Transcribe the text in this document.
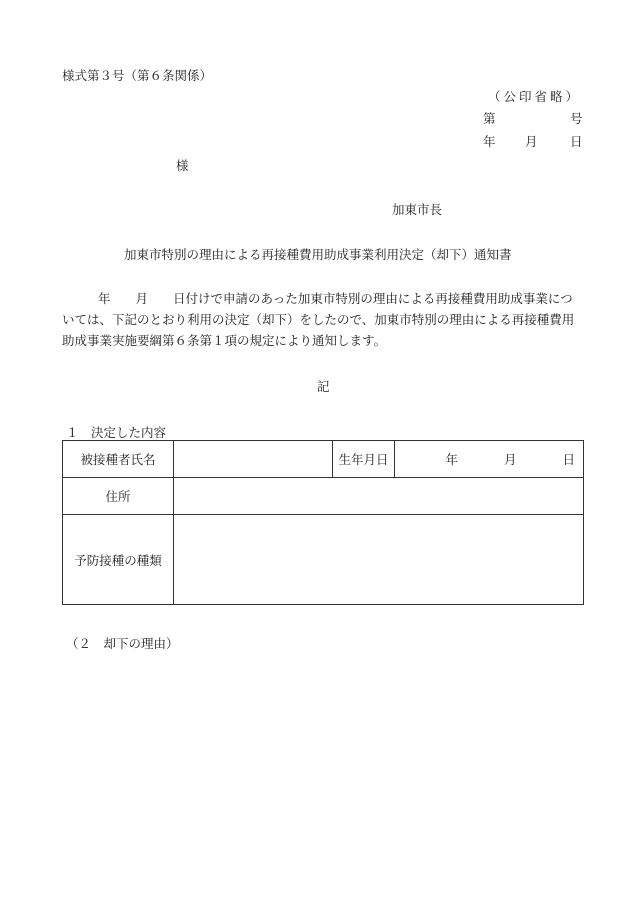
様式第３号（第６条関係）
（公印省略）
第	号
年 月	日
様
加東市長
加東市特別の理由による再接種費用助成事業利用決定（却下）通知書

年　　月　　日付けで申請のあった加東市特別の理由による再接種費用助成事業につ

いては、下記のとおり利用の決定（却下）をしたので、加東市特別の理由による再接種費用

助成事業実施要綱第６条第１項の規定により通知します。

記
１　決定した内容
被接種者氏名		生年月日	年 月 日
住所			
予防接種の種類			
（２　却下の理由）
